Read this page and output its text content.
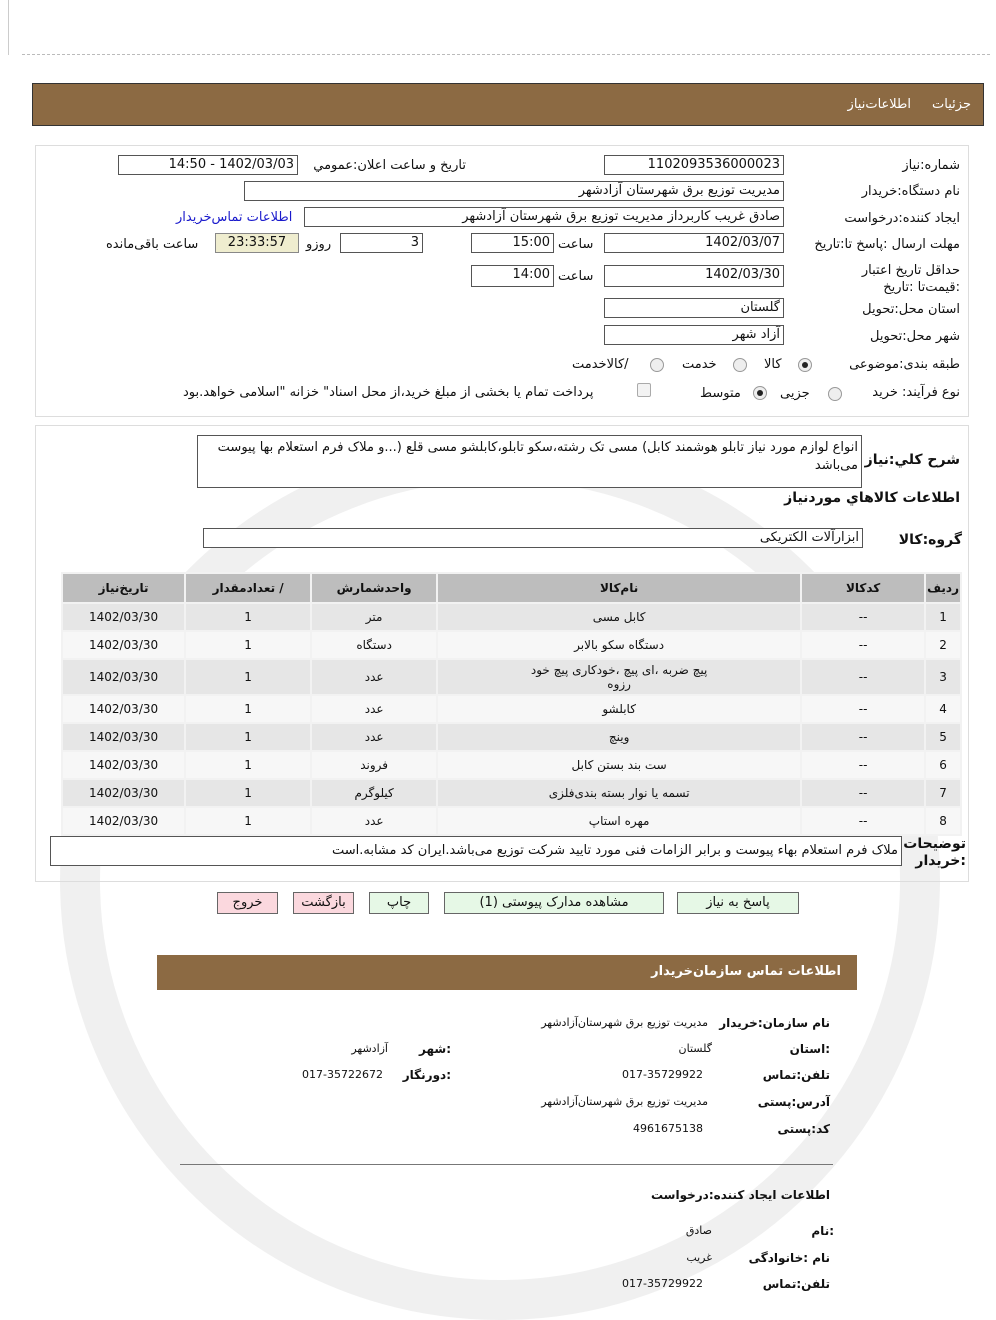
جزئیات
اطلاعات‌نیاز
شماره:نیاز
1102093536000023
تاریخ و ساعت اعلان:عمومي
1402/03/03 - 14:50
نام دستگاه:خریدار
مدیریت توزیع برق شهرستان آزادشهر
ایجاد کننده:درخواست
صادق غریب کاربرداز مدیریت توزیع برق شهرستان آزادشهر
اطلاعات تماس‌خریدار
مهلت ارسال :پاسخ تا:تاریخ
1402/03/07
ساعت
15:00
3
روزو
23:33:57
ساعت باقی‌مانده
حداقل تاریخ اعتبار :قیمت‌تا :تاریخ
1402/03/30
ساعت
14:00
استان محل:تحویل
گلستان
شهر محل:تحویل
آزاد شهر
طبقه بندی:موضوعی
کالا
خدمت
/کالاخدمت
نوع فرآیند: خرید
جزیی
متوسط
پرداخت تمام یا بخشی از مبلغ خرید،از محل اسناد" خزانه "اسلامی خواهد.بود
شرح کلي:نیاز
انواع لوازم مورد نیاز تابلو هوشمند کابل) مسی تک رشته،سکو تابلو،کابلشو مسی قلع (...و ملاک فرم استعلام بها پیوست می‌باشد
اطلاعات کالاهاي موردنیاز
گروه:کالا
ابزارآلات الکتریکی
ردیف	کدکالا	نام‌کالا	واحدشمارش	/ تعدادمقدار	تاریخ‌نیاز
1	--	کابل مسی	متر	1	1402/03/30
2	--	دستگاه سکو بالابر	دستگاه	1	1402/03/30
3	--	پیچ ضربه ،ای پیچ ،خودکاری پیچ خود رزوه	عدد	1	1402/03/30
4	--	کابلشو	عدد	1	1402/03/30
5	--	وینچ	عدد	1	1402/03/30
6	--	ست بند بستن کابل	فروند	1	1402/03/30
7	--	تسمه یا نوار بسته بندی‌فلزی	کیلوگرم	1	1402/03/30
8	--	مهره استاپ	عدد	1	1402/03/30
توضیحات :خریدار
ملاک فرم استعلام بهاء پیوست و برابر الزامات فنی مورد تایید شرکت توزیع می‌باشد.ایران کد مشابه.است
پاسخ به نیاز
مشاهده مدارک پیوستی (1)
چاپ
بازگشت
خروج
اطلاعات تماس سازمان‌خریدار
نام سازمان:خریدار
مدیریت توزیع برق شهرستان‌آزادشهر
:استان
گلستان
:شهر
آزادشهر
تلفن:تماس
017-35729922
:دورنگار
017-35722672
آدرس:پستی
مدیریت توزیع برق شهرستان‌آزادشهر
کد:پستی
4961675138
اطلاعات ایجاد کننده:درخواست
:نام
صادق
نام :خانوادگی
غریب
تلفن:تماس
017-35729922
